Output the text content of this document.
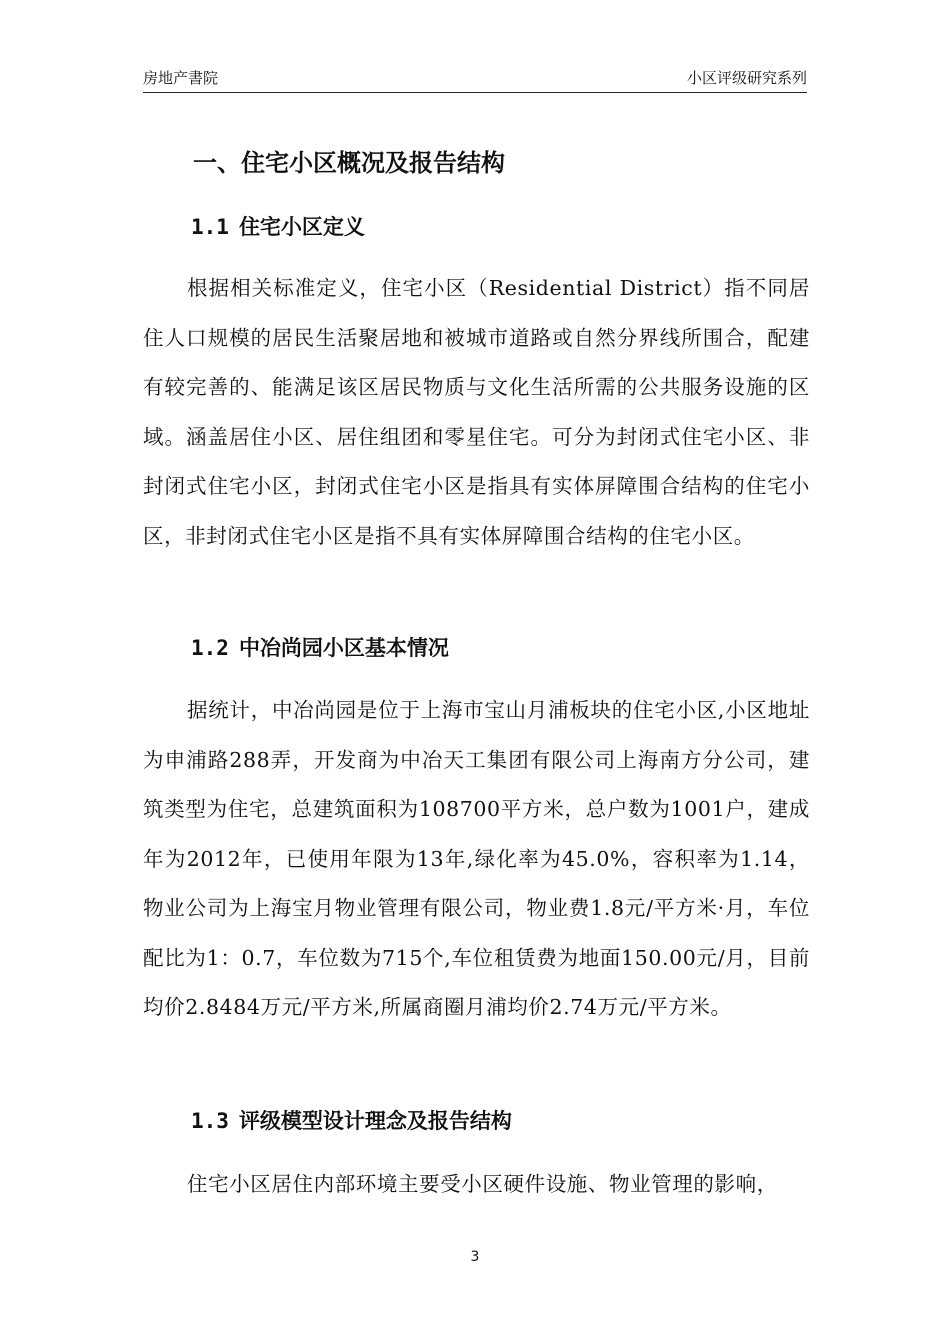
房地产書院	小区评级研究系列
一、住宅小区概况及报告结构
1.1 住宅小区定义

根据相关标准定义，住宅小区（Residential District）指不同居住人口规模的居民生活聚居地和被城市道路或自然分界线所围合，配建有较完善的、能满足该区居民物质与文化生活所需的公共服务设施的区域。涵盖居住小区、居住组团和零星住宅。可分为封闭式住宅小区、非封闭式住宅小区，封闭式住宅小区是指具有实体屏障围合结构的住宅小区，非封闭式住宅小区是指不具有实体屏障围合结构的住宅小区。

1.2 中冶尚园小区基本情况

据统计，中冶尚园是位于上海市宝山月浦板块的住宅小区,小区地址为申浦路288弄，开发商为中冶天工集团有限公司上海南方分公司，建筑类型为住宅，总建筑面积为108700平方米，总户数为1001户，建成年为2012年，已使用年限为13年,绿化率为45.0%，容积率为1.14，物业公司为上海宝月物业管理有限公司，物业费1.8元/平方米·月，车位配比为1：0.7，车位数为715个,车位租赁费为地面150.00元/月，目前均价2.8484万元/平方米,所属商圈月浦均价2.74万元/平方米。

1.3 评级模型设计理念及报告结构

住宅小区居住内部环境主要受小区硬件设施、物业管理的影响，

3
